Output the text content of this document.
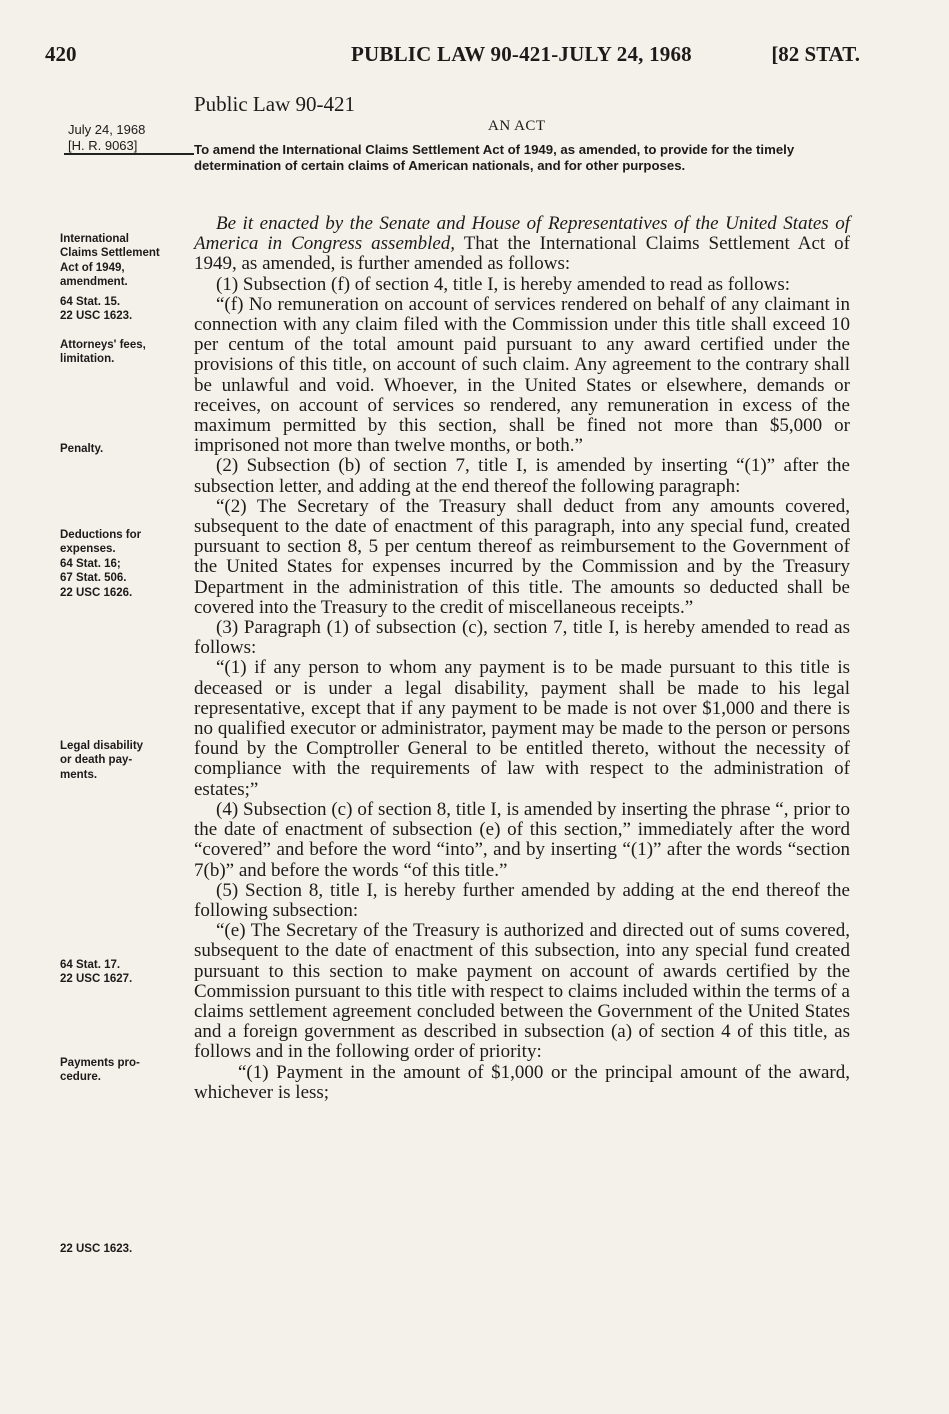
420	PUBLIC LAW 90-421-JULY 24, 1968	[82 STAT.
Public Law 90-421
AN ACT
July 24, 1968
[H. R. 9063]	To amend the International Claims Settlement Act of 1949, as amended, to provide for the timely determination of certain claims of American nationals, and for other purposes.
International
Claims Settlement
Act of 1949,
amendment.
64 Stat. 15.
22 USC 1623.
Attorneys' fees,
limitation.
Penalty.
Deductions for
expenses.
64 Stat. 16;
67 Stat. 506.
22 USC 1626.
Legal disability
or death pay-
ments.
64 Stat. 17.
22 USC 1627.
Payments pro-
cedure.
22 USC 1623.

Be it enacted by the Senate and House of Representatives of the United States of America in Congress assembled, That the International Claims Settlement Act of 1949, as amended, is further amended as follows:

(1) Subsection (f) of section 4, title I, is hereby amended to read as follows:

“(f) No remuneration on account of services rendered on behalf of any claimant in connection with any claim filed with the Commission under this title shall exceed 10 per centum of the total amount paid pursuant to any award certified under the provisions of this title, on account of such claim. Any agreement to the contrary shall be unlawful and void. Whoever, in the United States or elsewhere, demands or receives, on account of services so rendered, any remuneration in excess of the maximum permitted by this section, shall be fined not more than $5,000 or imprisoned not more than twelve months, or both.”

(2) Subsection (b) of section 7, title I, is amended by inserting “(1)” after the subsection letter, and adding at the end thereof the following paragraph:

“(2) The Secretary of the Treasury shall deduct from any amounts covered, subsequent to the date of enactment of this paragraph, into any special fund, created pursuant to section 8, 5 per centum thereof as reimbursement to the Government of the United States for expenses incurred by the Commission and by the Treasury Department in the administration of this title. The amounts so deducted shall be covered into the Treasury to the credit of miscellaneous receipts.”

(3) Paragraph (1) of subsection (c), section 7, title I, is hereby amended to read as follows:

“(1) if any person to whom any payment is to be made pursuant to this title is deceased or is under a legal disability, payment shall be made to his legal representative, except that if any payment to be made is not over $1,000 and there is no qualified executor or administrator, payment may be made to the person or persons found by the Comptroller General to be entitled thereto, without the necessity of compliance with the requirements of law with respect to the administration of estates;”

(4) Subsection (c) of section 8, title I, is amended by inserting the phrase “, prior to the date of enactment of subsection (e) of this section,” immediately after the word “covered” and before the word “into”, and by inserting “(1)” after the words “section 7(b)” and before the words “of this title.”

(5) Section 8, title I, is hereby further amended by adding at the end thereof the following subsection:

“(e) The Secretary of the Treasury is authorized and directed out of sums covered, subsequent to the date of enactment of this subsection, into any special fund created pursuant to this section to make payment on account of awards certified by the Commission pursuant to this title with respect to claims included within the terms of a claims settlement agreement concluded between the Government of the United States and a foreign government as described in subsection (a) of section 4 of this title, as follows and in the following order of priority:

“(1) Payment in the amount of $1,000 or the principal amount of the award, whichever is less;
